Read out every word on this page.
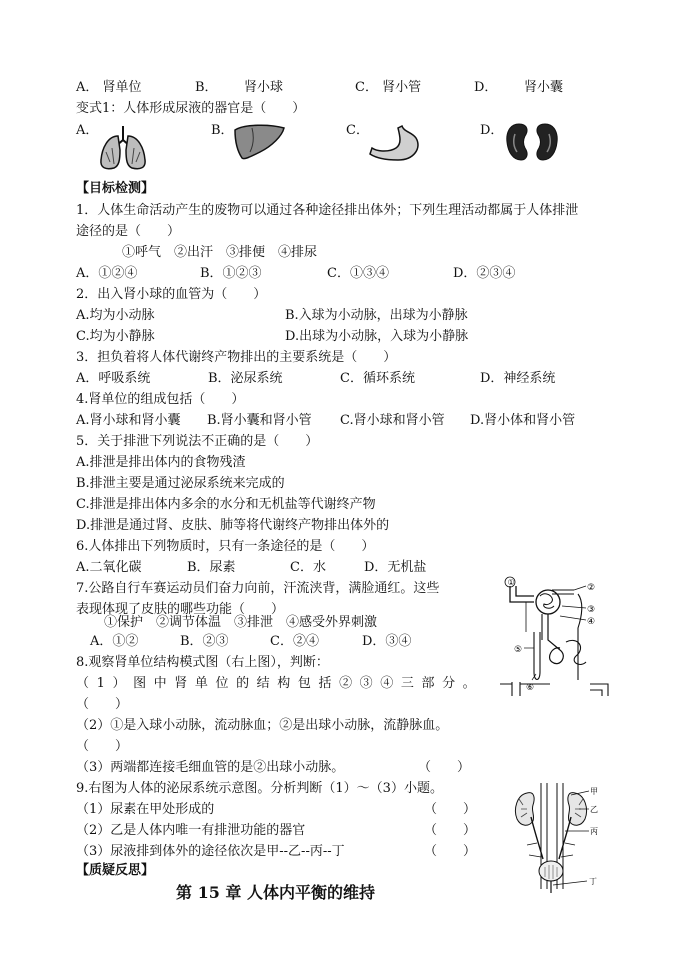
A． 肾单位	B． 肾小球	C． 肾小管	D． 肾小囊
变式1：人体形成尿液的器官是（　　）
A．	B．	C．	D．
【目标检测】
1．人体生命活动产生的废物可以通过各种途径排出体外；下列生理活动都属于人体排泄
途径的是（　　）
①呼气　②出汗　③排便　④排尿
A．①②④	B．①②③	C．①③④	D．②③④
2．出入肾小球的血管为（　　）
A.均为小动脉	B.入球为小动脉，出球为小静脉
C.均为小静脉	D.出球为小动脉，入球为小静脉
3．担负着将人体代谢终产物排出的主要系统是（　　）
A．呼吸系统	B．泌尿系统	C．循环系统	D．神经系统
4.肾单位的组成包括（　　）
A.肾小球和肾小囊 B.肾小囊和肾小管 C.肾小球和肾小管 D.肾小体和肾小管
5．关于排泄下列说法不正确的是（　　）
A.排泄是排出体内的食物残渣
B.排泄主要是通过泌尿系统来完成的
C.排泄是排出体内多余的水分和无机盐等代谢终产物
D.排泄是通过肾、皮肤、肺等将代谢终产物排出体外的
6.人体排出下列物质时，只有一条途径的是（　　）
A.二氧化碳	B．尿素	C．水	D．无机盐
7.公路自行车赛运动员们奋力向前，汗流浃背，满脸通红。这些
表现体现了皮肤的哪些功能（　　）
①保护　②调节体温　③排泄　④感受外界刺激
A．①②	B．②③	C．②④	D．③④
①
②
③
④
⑤
⑥
8.观察肾单位结构模式图（右上图），判断：
（1）图中肾单位的结构包括②③④三部分。
（　　）
（2）①是入球小动脉，流动脉血；②是出球小动脉，流静脉血。
（　　）
（3）两端都连接毛细血管的是②出球小动脉。	（　　）
9.右图为人体的泌尿系统示意图。分析判断（1）～（3）小题。
（1）尿素在甲处形成的	（　　）
（2）乙是人体内唯一有排泄功能的器官	（　　）
（3）尿液排到体外的途径依次是甲--乙--丙--丁	（　　）
甲
乙
丙
丁
【质疑反思】
第 15 章 人体内平衡的维持
